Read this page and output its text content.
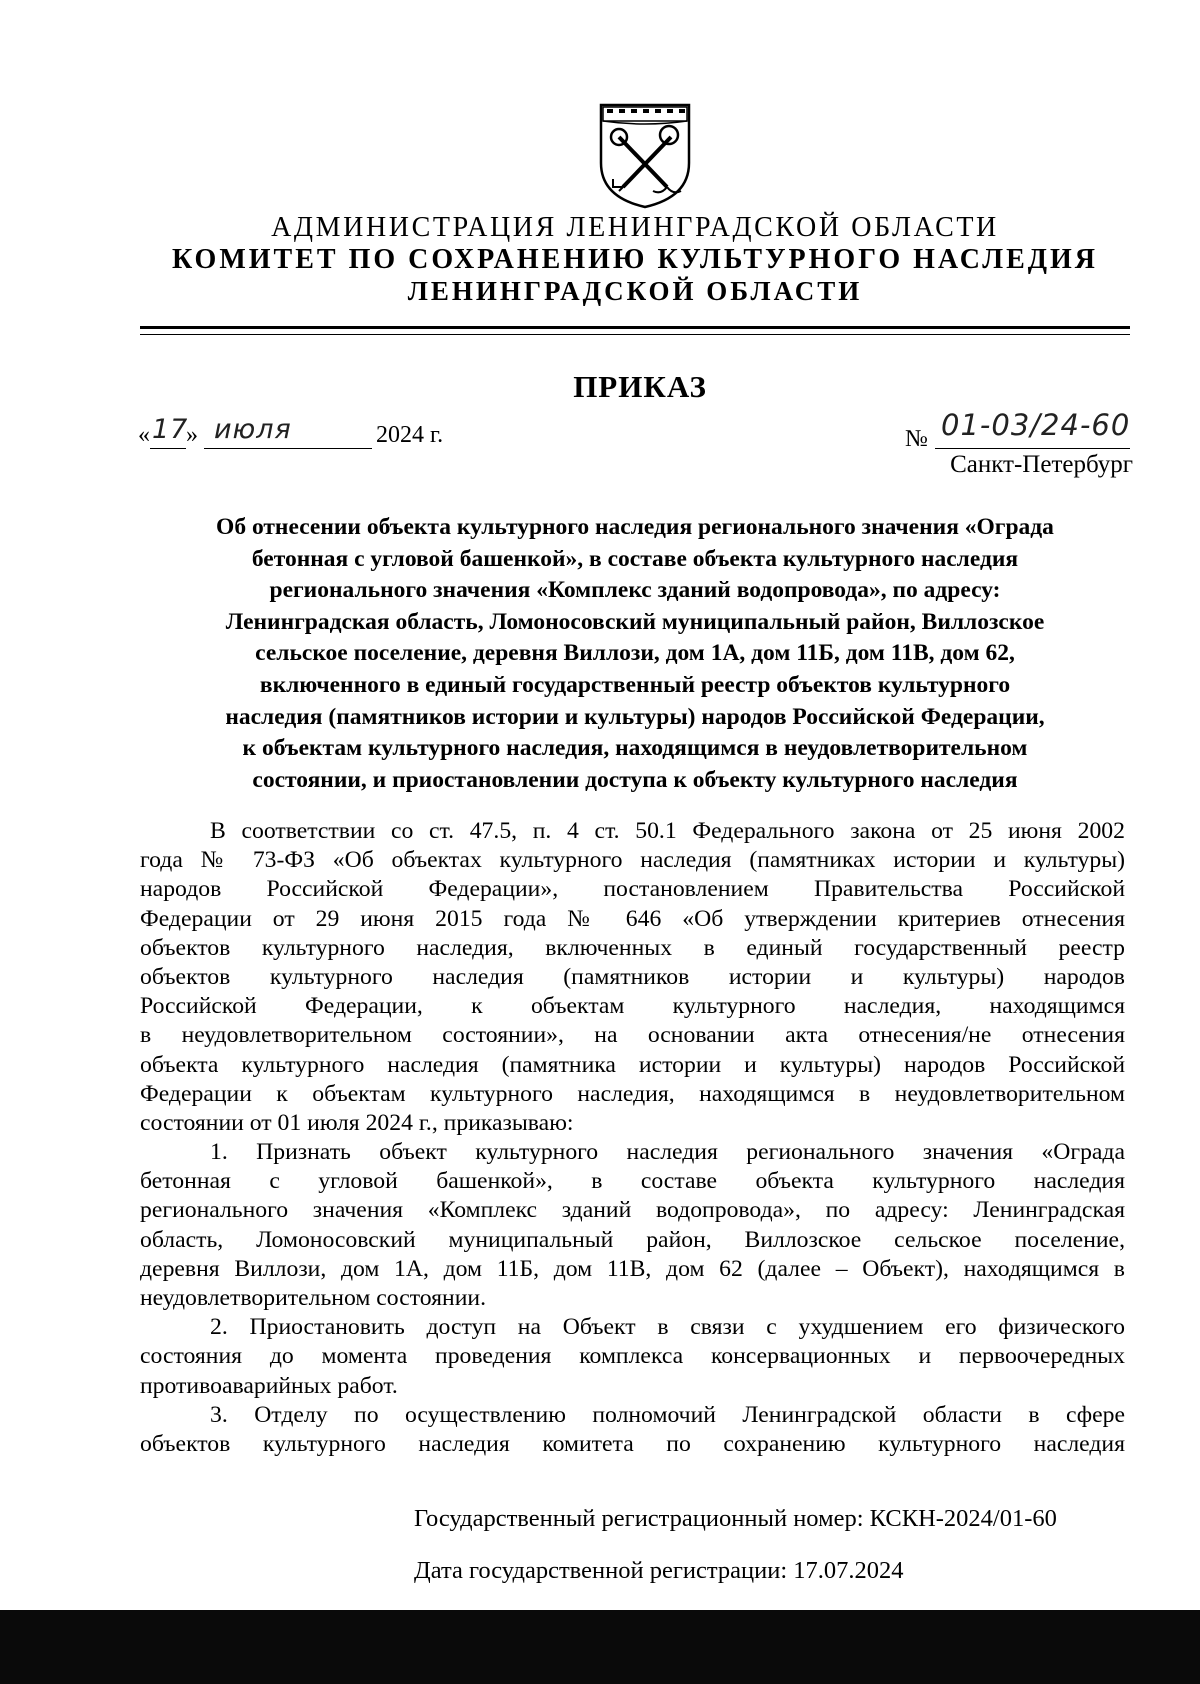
АДМИНИСТРАЦИЯ ЛЕНИНГРАДСКОЙ ОБЛАСТИ
КОМИТЕТ ПО СОХРАНЕНИЮ КУЛЬТУРНОГО НАСЛЕДИЯ
ЛЕНИНГРАДСКОЙ ОБЛАСТИ
ПРИКАЗ
« 17
» июля	2024 г.	№ 01-03/24-60
Санкт-Петербург
Об отнесении объекта культурного наследия регионального значения «Ограда
бетонная с угловой башенкой», в составе объекта культурного наследия
регионального значения «Комплекс зданий водопровода», по адресу:
Ленинградская область, Ломоносовский муниципальный район, Виллозское
сельское поселение, деревня Виллози, дом 1А, дом 11Б, дом 11В, дом 62,
включенного в единый государственный реестр объектов культурного
наследия (памятников истории и культуры) народов Российской Федерации,
к объектам культурного наследия, находящимся в неудовлетворительном
состоянии, и приостановлении доступа к объекту культурного наследия
В соответствии со ст. 47.5, п. 4 ст. 50.1 Федерального закона от 25 июня 2002
года № 73-ФЗ «Об объектах культурного наследия (памятниках истории и культуры)
народов Российской Федерации», постановлением Правительства Российской
Федерации от 29 июня 2015 года № 646 «Об утверждении критериев отнесения
объектов культурного наследия, включенных в единый государственный реестр
объектов культурного наследия (памятников истории и культуры) народов
Российской Федерации, к объектам культурного наследия, находящимся
в неудовлетворительном состоянии», на основании акта отнесения/не отнесения
объекта культурного наследия (памятника истории и культуры) народов Российской
Федерации к объектам культурного наследия, находящимся в неудовлетворительном
состоянии от 01 июля 2024 г., приказываю:
1. Признать объект культурного наследия регионального значения «Ограда
бетонная с угловой башенкой», в составе объекта культурного наследия
регионального значения «Комплекс зданий водопровода», по адресу: Ленинградская
область, Ломоносовский муниципальный район, Виллозское сельское поселение,
деревня Виллози, дом 1А, дом 11Б, дом 11В, дом 62 (далее – Объект), находящимся в
неудовлетворительном состоянии.
2. Приостановить доступ на Объект в связи с ухудшением его физического
состояния до момента проведения комплекса консервационных и первоочередных
противоаварийных работ.
3. Отделу по осуществлению полномочий Ленинградской области в сфере
объектов культурного наследия комитета по сохранению культурного наследия
Государственный регистрационный номер: КСКН-2024/01-60
Дата государственной регистрации: 17.07.2024
